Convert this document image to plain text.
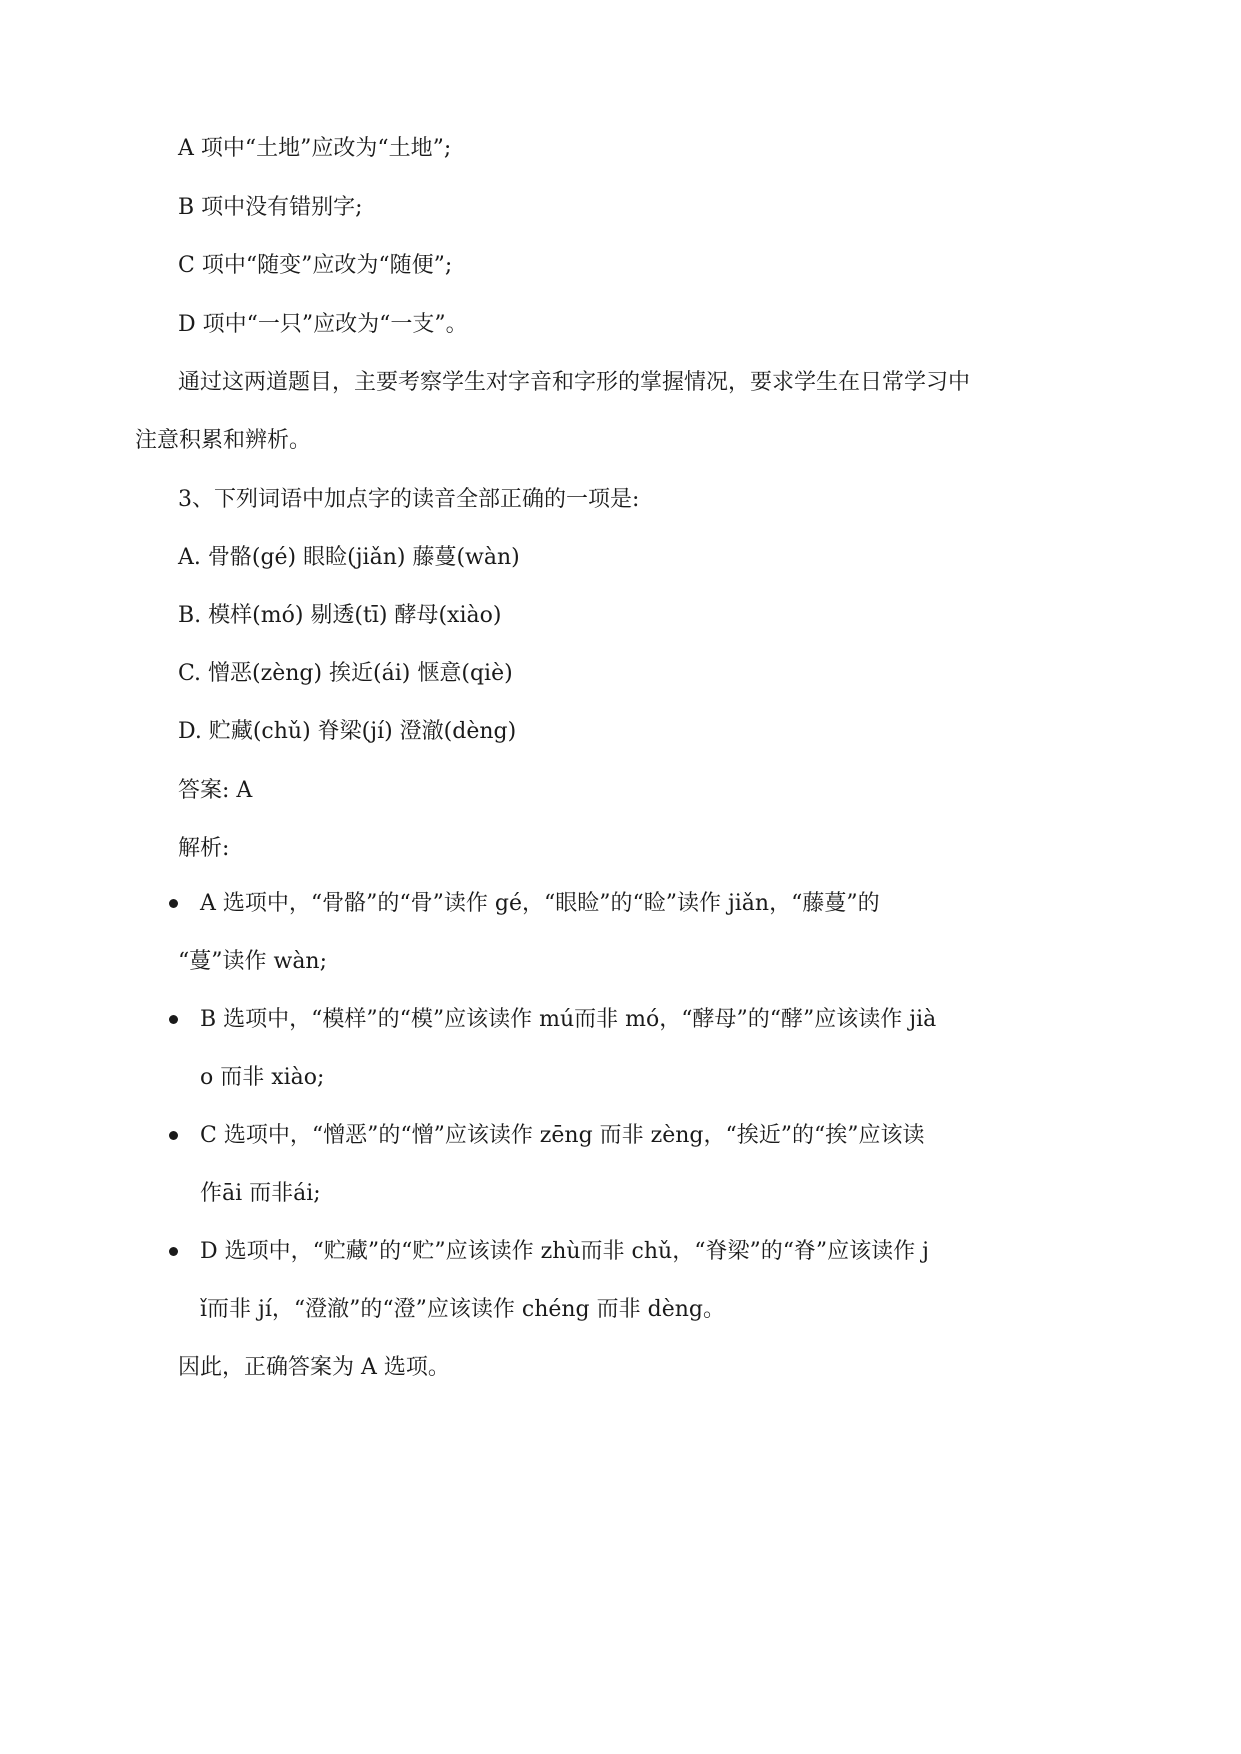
A 项中“土地”应改为“土地”;

B 项中没有错别字;

C 项中“随变”应改为“随便”;

D 项中“一只”应改为“一支”。

通过这两道题目，主要考察学生对字音和字形的掌握情况，要求学生在日常学习中

注意积累和辨析。

3、下列词语中加点字的读音全部正确的一项是:

A. 骨骼(gé) 眼睑(jiǎn) 藤蔓(wàn)

B. 模样(mó) 剔透(tī) 酵母(xiào)

C. 憎恶(zèng) 挨近(ái) 惬意(qiè)

D. 贮藏(chǔ) 脊梁(jí) 澄澈(dèng)

答案: A

解析:

A 选项中，“骨骼”的“骨”读作 gé，“眼睑”的“睑”读作 jiǎn，“藤蔓”的

“蔓”读作 wàn;

B 选项中，“模样”的“模”应该读作 mú而非 mó，“酵母”的“酵”应该读作 jià

o 而非 xiào;

C 选项中，“憎恶”的“憎”应该读作 zēng 而非 zèng，“挨近”的“挨”应该读

作āi 而非ái;

D 选项中，“贮藏”的“贮”应该读作 zhù而非 chǔ，“脊梁”的“脊”应该读作 j

ǐ而非 jí，“澄澈”的“澄”应该读作 chéng 而非 dèng。

因此，正确答案为 A 选项。
